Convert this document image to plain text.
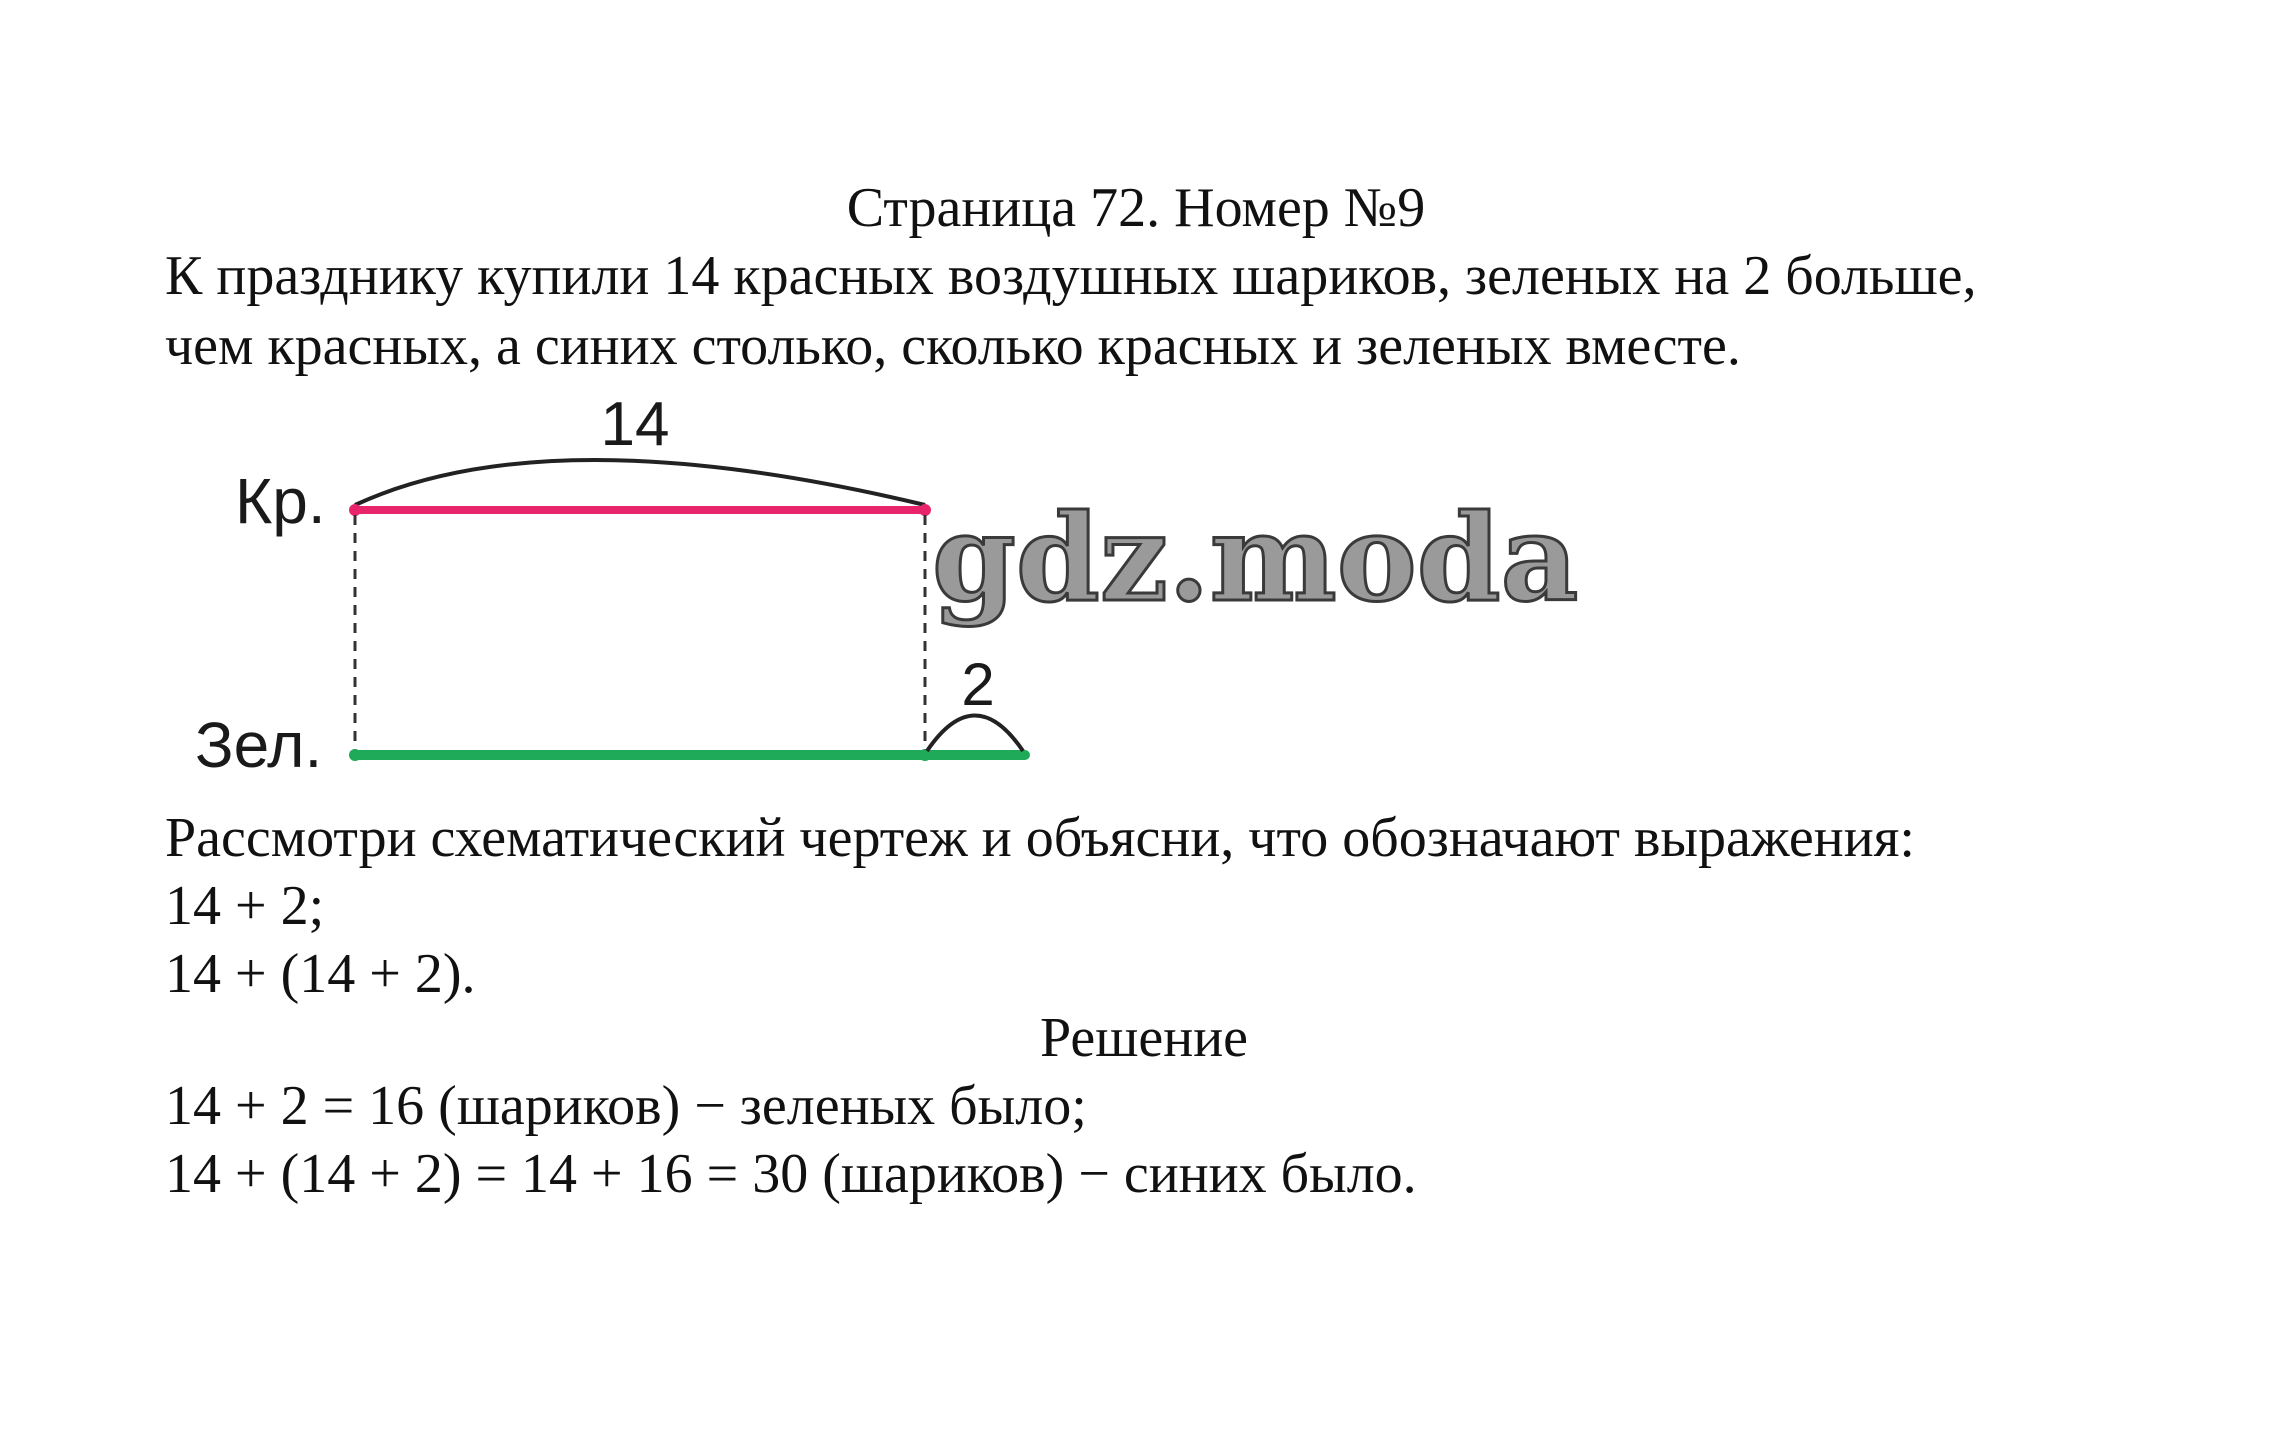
Страница 72. Номер №9
К празднику купили 14 красных воздушных шариков, зеленых на 2 больше,
чем красных, а синих столько, сколько красных и зеленых вместе.
14
Кр.
Зел.
2
gdz.moda
Рассмотри схематический чертеж и объясни, что обозначают выражения:
14 + 2;
14 + (14 + 2).
Решение
14 + 2 = 16 (шариков) − зеленых было;
14 + (14 + 2) = 14 + 16 = 30 (шариков) − синих было.
